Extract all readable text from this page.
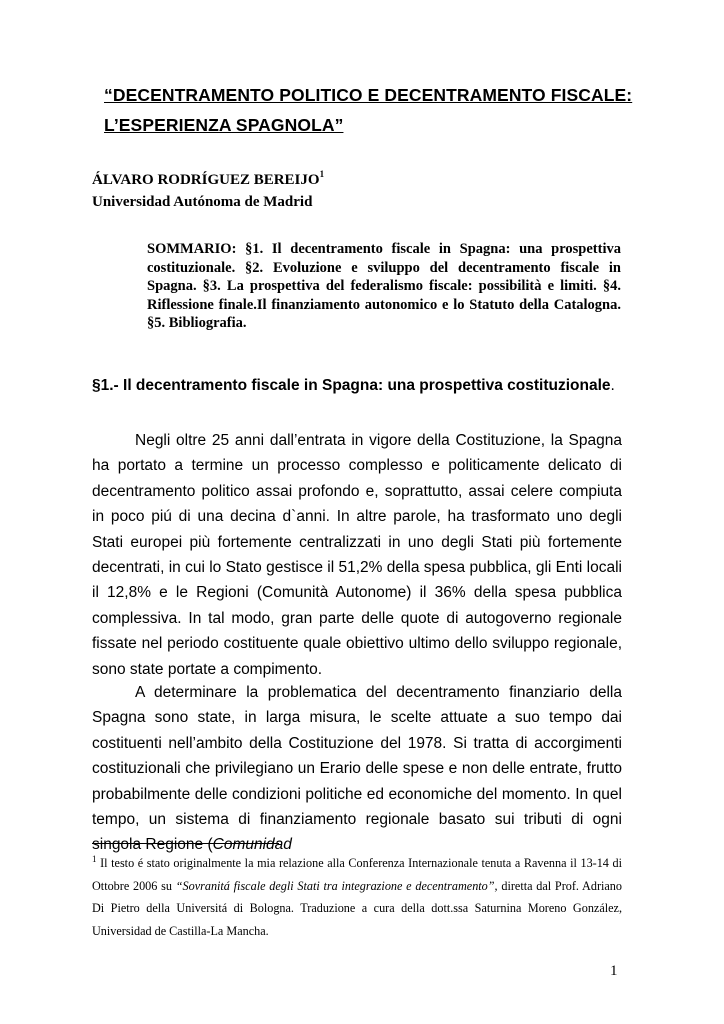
“DECENTRAMENTO POLITICO E DECENTRAMENTO FISCALE:
L’ESPERIENZA SPAGNOLA”
ÁLVARO RODRÍGUEZ BEREIJO$^1$
Universidad Autónoma de Madrid
SOMMARIO: §1. Il decentramento fiscale in Spagna: una prospettiva costituzionale. §2. Evoluzione e sviluppo del decentramento fiscale in Spagna. §3. La prospettiva del federalismo fiscale: possibilità e limiti. §4. Riflessione finale.Il finanziamento autonomico e lo Statuto della Catalogna. §5. Bibliografia.
§1.- Il decentramento fiscale in Spagna: una prospettiva costituzionale.
Negli oltre 25 anni dall’entrata in vigore della Costituzione, la Spagna ha portato a termine un processo complesso e politicamente delicato di decentramento politico assai profondo e, soprattutto, assai celere compiuta in poco piú di una decina d`anni. In altre parole, ha trasformato uno degli Stati europei più fortemente centralizzati in uno degli Stati più fortemente decentrati, in cui lo Stato gestisce il 51,2% della spesa pubblica, gli Enti locali il 12,8% e le Regioni (Comunità Autonome) il 36% della spesa pubblica complessiva. In tal modo, gran parte delle quote di autogoverno regionale fissate nel periodo costituente quale obiettivo ultimo dello sviluppo regionale, sono state portate a compimento.
A determinare la problematica del decentramento finanziario della Spagna sono state, in larga misura, le scelte attuate a suo tempo dai costituenti nell’ambito della Costituzione del 1978. Si tratta di accorgimenti costituzionali che privilegiano un Erario delle spese e non delle entrate, frutto probabilmente delle condizioni politiche ed economiche del momento. In quel tempo, un sistema di finanziamento regionale basato sui tributi di ogni singola Regione (Comunidad
$^1$ Il testo é stato originalmente la mia relazione alla Conferenza Internazionale tenuta a Ravenna il 13-14 di Ottobre 2006 su “Sovranitá fiscale degli Stati tra integrazione e decentramento”, diretta dal Prof. Adriano Di Pietro della Universitá di Bologna. Traduzione a cura della dott.ssa Saturnina Moreno González, Universidad de Castilla-La Mancha.
1
